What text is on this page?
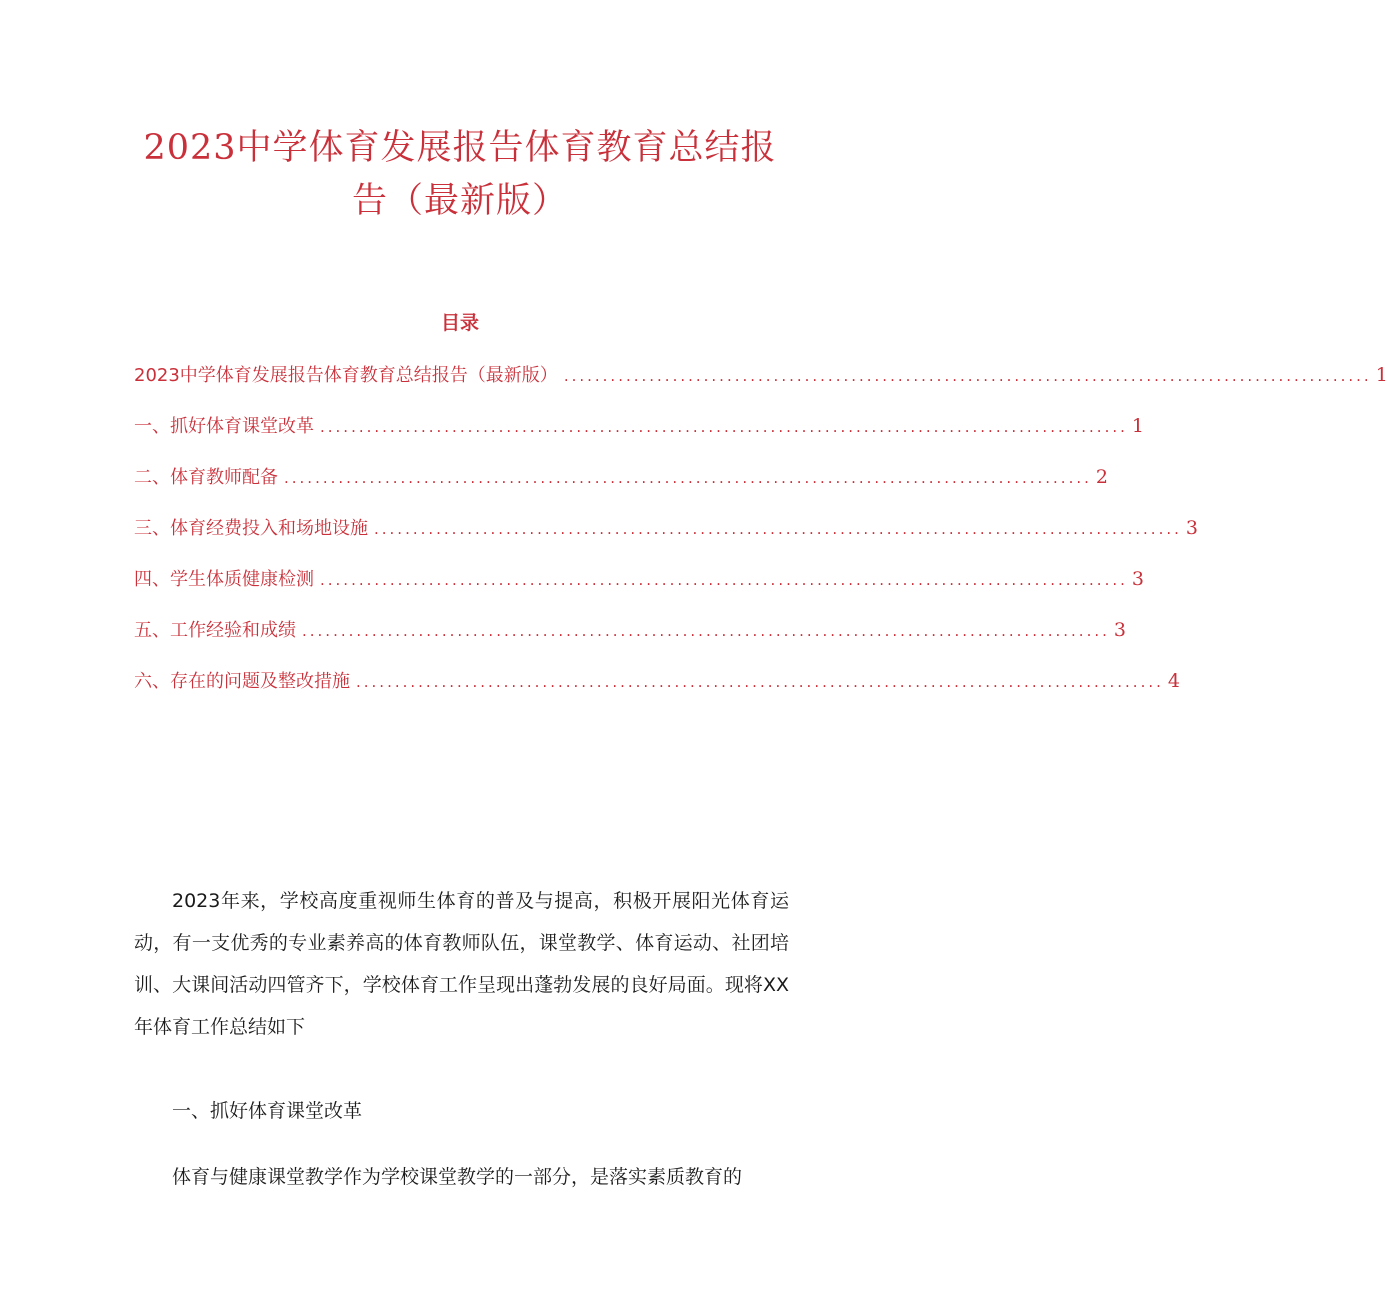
2023中学体育发展报告体育教育总结报
告（最新版）
目录
2023中学体育发展报告体育教育总结报告（最新版） ........................................................................................................ 1
一、抓好体育课堂改革 ........................................................................................................ 1
二、体育教师配备 ........................................................................................................ 2
三、体育经费投入和场地设施 ........................................................................................................ 3
四、学生体质健康检测 ........................................................................................................ 3
五、工作经验和成绩 ........................................................................................................ 3
六、存在的问题及整改措施 ........................................................................................................ 4

2023年来，学校高度重视师生体育的普及与提高，积极开展阳光体育运动，有一支优秀的专业素养高的体育教师队伍，课堂教学、体育运动、社团培训、大课间活动四管齐下，学校体育工作呈现出蓬勃发展的良好局面。现将XX年体育工作总结如下

一、抓好体育课堂改革

体育与健康课堂教学作为学校课堂教学的一部分，是落实素质教育的
